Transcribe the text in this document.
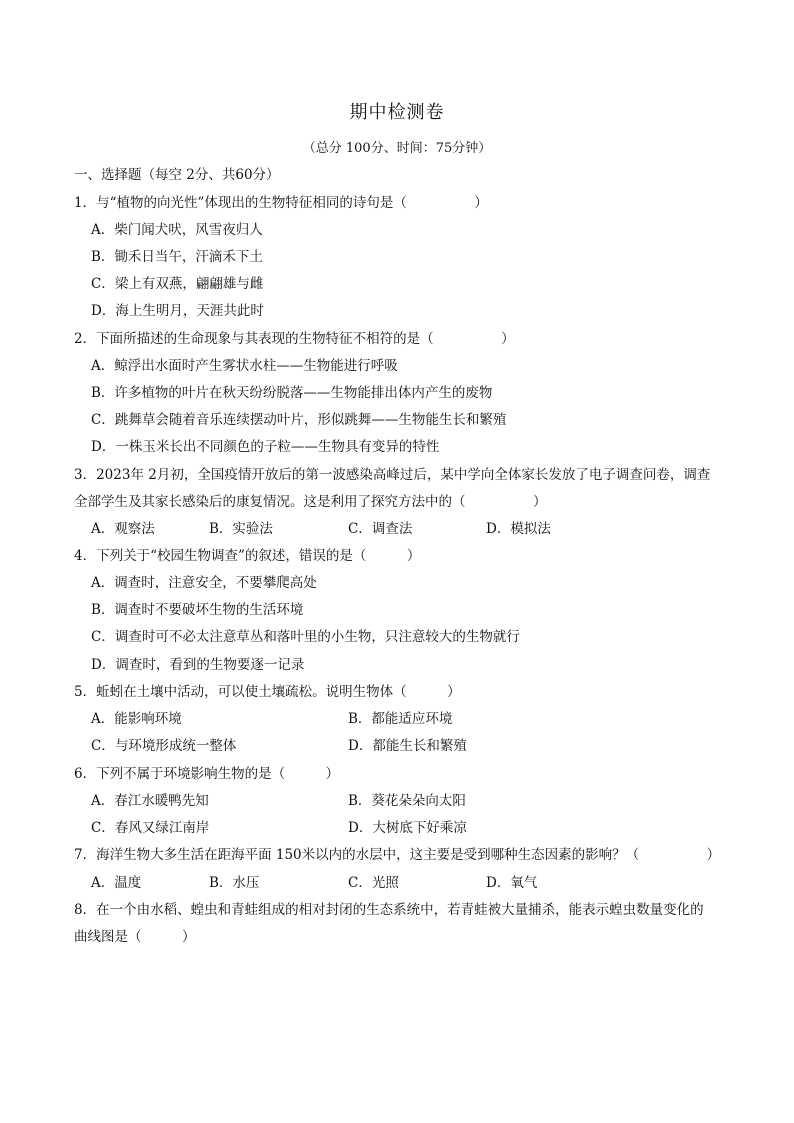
期中检测卷
（总分 100分、时间：75分钟）
一、选择题（每空 2分、共60分）
1．与“植物的向光性”体现出的生物特征相同的诗句是（　　　　　）
A．柴门闻犬吠，风雪夜归人
B．锄禾日当午，汗滴禾下土
C．梁上有双燕，翩翩雄与雌
D．海上生明月，天涯共此时
2．下面所描述的生命现象与其表现的生物特征不相符的是（　　　　　）
A．鲸浮出水面时产生雾状水柱——生物能进行呼吸
B．许多植物的叶片在秋天纷纷脱落——生物能排出体内产生的废物
C．跳舞草会随着音乐连续摆动叶片，形似跳舞——生物能生长和繁殖
D．一株玉米长出不同颜色的子粒——生物具有变异的特性
3．2023年 2月初，全国疫情开放后的第一波感染高峰过后，某中学向全体家长发放了电子调查问卷，调查
全部学生及其家长感染后的康复情况。这是利用了探究方法中的（　　　　　）
A．观察法	B．实验法	C．调查法	D．模拟法
4．下列关于“校园生物调查”的叙述，错误的是（　　　）
A．调查时，注意安全，不要攀爬高处
B．调查时不要破坏生物的生活环境
C．调查时可不必太注意草丛和落叶里的小生物，只注意较大的生物就行
D．调查时，看到的生物要逐一记录
5．蚯蚓在土壤中活动，可以使土壤疏松。说明生物体（　　　）
A．能影响环境	B．都能适应环境
C．与环境形成统一整体	D．都能生长和繁殖
6．下列不属于环境影响生物的是（　　　）
A．春江水暖鸭先知	B．葵花朵朵向太阳
C．春风又绿江南岸	D．大树底下好乘凉
7．海洋生物大多生活在距海平面 150米以内的水层中，这主要是受到哪种生态因素的影响？（　　　　　）
A．温度	B．水压	C．光照	D．氧气
8．在一个由水稻、蝗虫和青蛙组成的相对封闭的生态系统中，若青蛙被大量捕杀，能表示蝗虫数量变化的
曲线图是（　　　）
